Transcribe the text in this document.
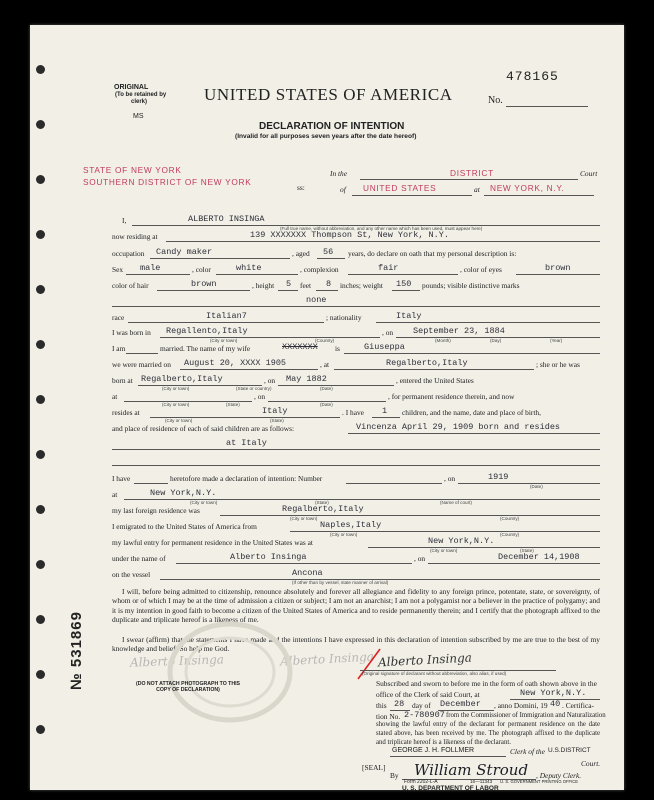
ORIGINAL
(To be retained by
clerk)
MS
UNITED STATES OF AMERICA	No.
478165
DECLARATION OF INTENTION
(Invalid for all purposes seven years after the date hereof)
STATE OF NEW YORK
SOUTHERN DISTRICT OF NEW YORK
ss:
In the	DISTRICT	Court
of UNITED STATES	at NEW YORK, N.Y.
I,	ALBERTO INSINGA
(Full true name, without abbreviation, and any other name which has been used, must appear here)
now residing at	139 XXXXXXX Thompson St, New York, N.Y.
occupation Candy maker	, aged 56 years, do declare on oath that my personal description is:
Sex male	, color	white	, complexion	fair	, color of eyes	brown
color of hair	brown	, height 5 feet 8 inches; weight 150 pounds; visible distinctive marks
none
race	Italian7	; nationality	Italy
I was born in Regallento,Italy	, on September 23, 1884
(City or town)	(Country)	(Month)	(Day)	(Year)
I am	married. The name of my wife	XXXXXXX is	Giuseppa
we were married on August 20, XXXX 1905	, at	Regalberto,Italy	; she or he was
born at Regalberto,Italy	, on May 1882	, entered the United States
(City or town)	(State or country)	(Date)
at	, on	, for permanent residence therein, and now
(City or town)	(State)	(Date)
resides at	Italy	. I have 1 children, and the name, date and place of birth,
(City or town)	(State)
and place of residence of each of said children are as follows:	Vincenza April 29, 1909 born and resides
at Italy
I have	heretofore made a declaration of intention: Number	, on	1919
(Date)
at	New York,N.Y.
(City or town)	(State)	(Name of court)
my last foreign residence was	Regalberto,Italy
(City or town)	(Country)
I emigrated to the United States of America from	Naples,Italy
(City or town)	(Country)
my lawful entry for permanent residence in the United States was at	New York,N.Y.
(City or town)	(State)
under the name of	Alberto Insinga	, on	December 14,1908
on the vessel	Ancona
(If other than by vessel, state manner of arrival)
I will, before being admitted to citizenship, renounce absolutely and forever all allegiance and fidelity to any foreign prince, potentate, state, or sovereignty, of whom or of which I may be at the time of admission a citizen or subject; I am not an anarchist; I am not a polygamist nor a believer in the practice of polygamy; and it is my intention in good faith to become a citizen of the United States of America and to reside permanently therein; and I certify that the photograph affixed to the duplicate and triplicate hereof is a likeness of me.
I swear (affirm) that the statements I have made and the intentions I have expressed in this declaration of intention subscribed by me are true to the best of my knowledge and belief: So help me God.
Alberto Insinga	Alberto Insinga Alberto Insinga
(Original signature of declarant without abbreviation, also alias, if used)
№ 531869	(DO NOT ATTACH PHOTOGRAPH TO THIS COPY OF DECLARATION)
Subscribed and sworn to before me in the form of oath shown above in the
office of the Clerk of said Court, at	New York,N.Y.
this 28 day of December , anno Domini, 19 40 . Certifica-
tion No. 2-780907 from the Commissioner of Immigration and Naturalization
showing the lawful entry of the declarant for permanent residence on the date stated above, has been received by me. The photograph affixed to the duplicate and triplicate hereof is a likeness of the declarant.
[SEAL]
GEORGE J. H. FOLLMER	Clerk of the U.S.DISTRICT
Court.
By William Stroud , Deputy Clerk.
Form 2202-L-A	16—11343 U. S. GOVERNMENT PRINTING OFFICE
U. S. DEPARTMENT OF LABOR
